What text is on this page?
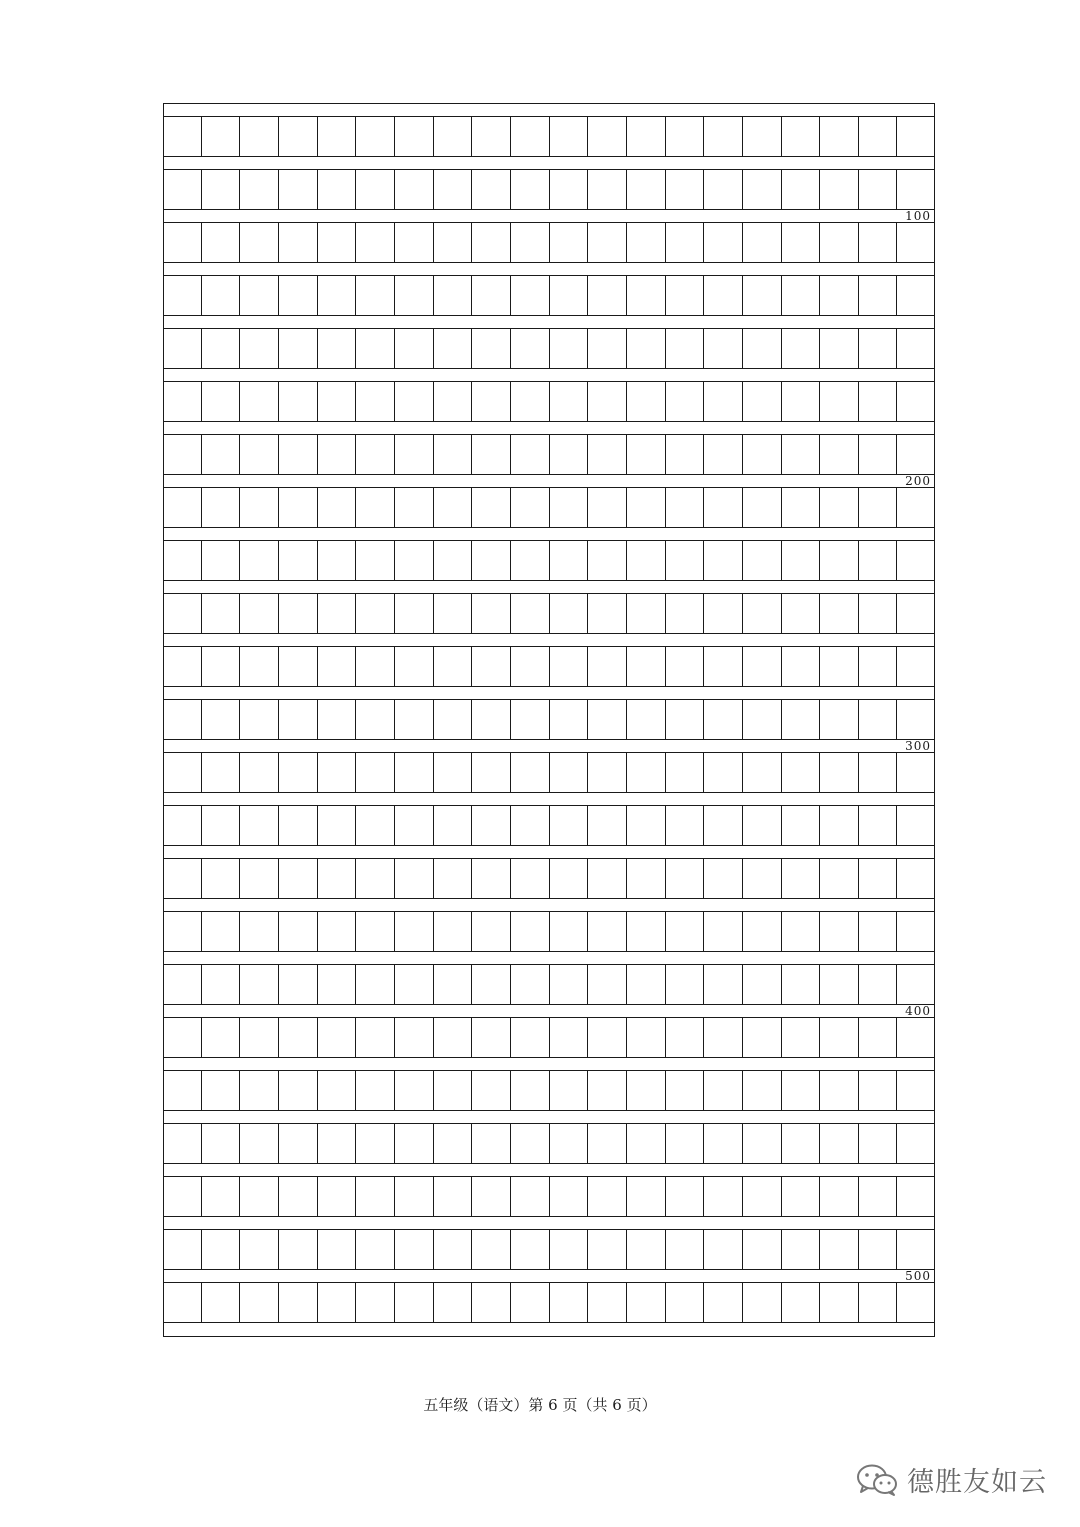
100
200
300
400
500
五年级（语文）第 6 页（共 6 页）
德胜友如云
